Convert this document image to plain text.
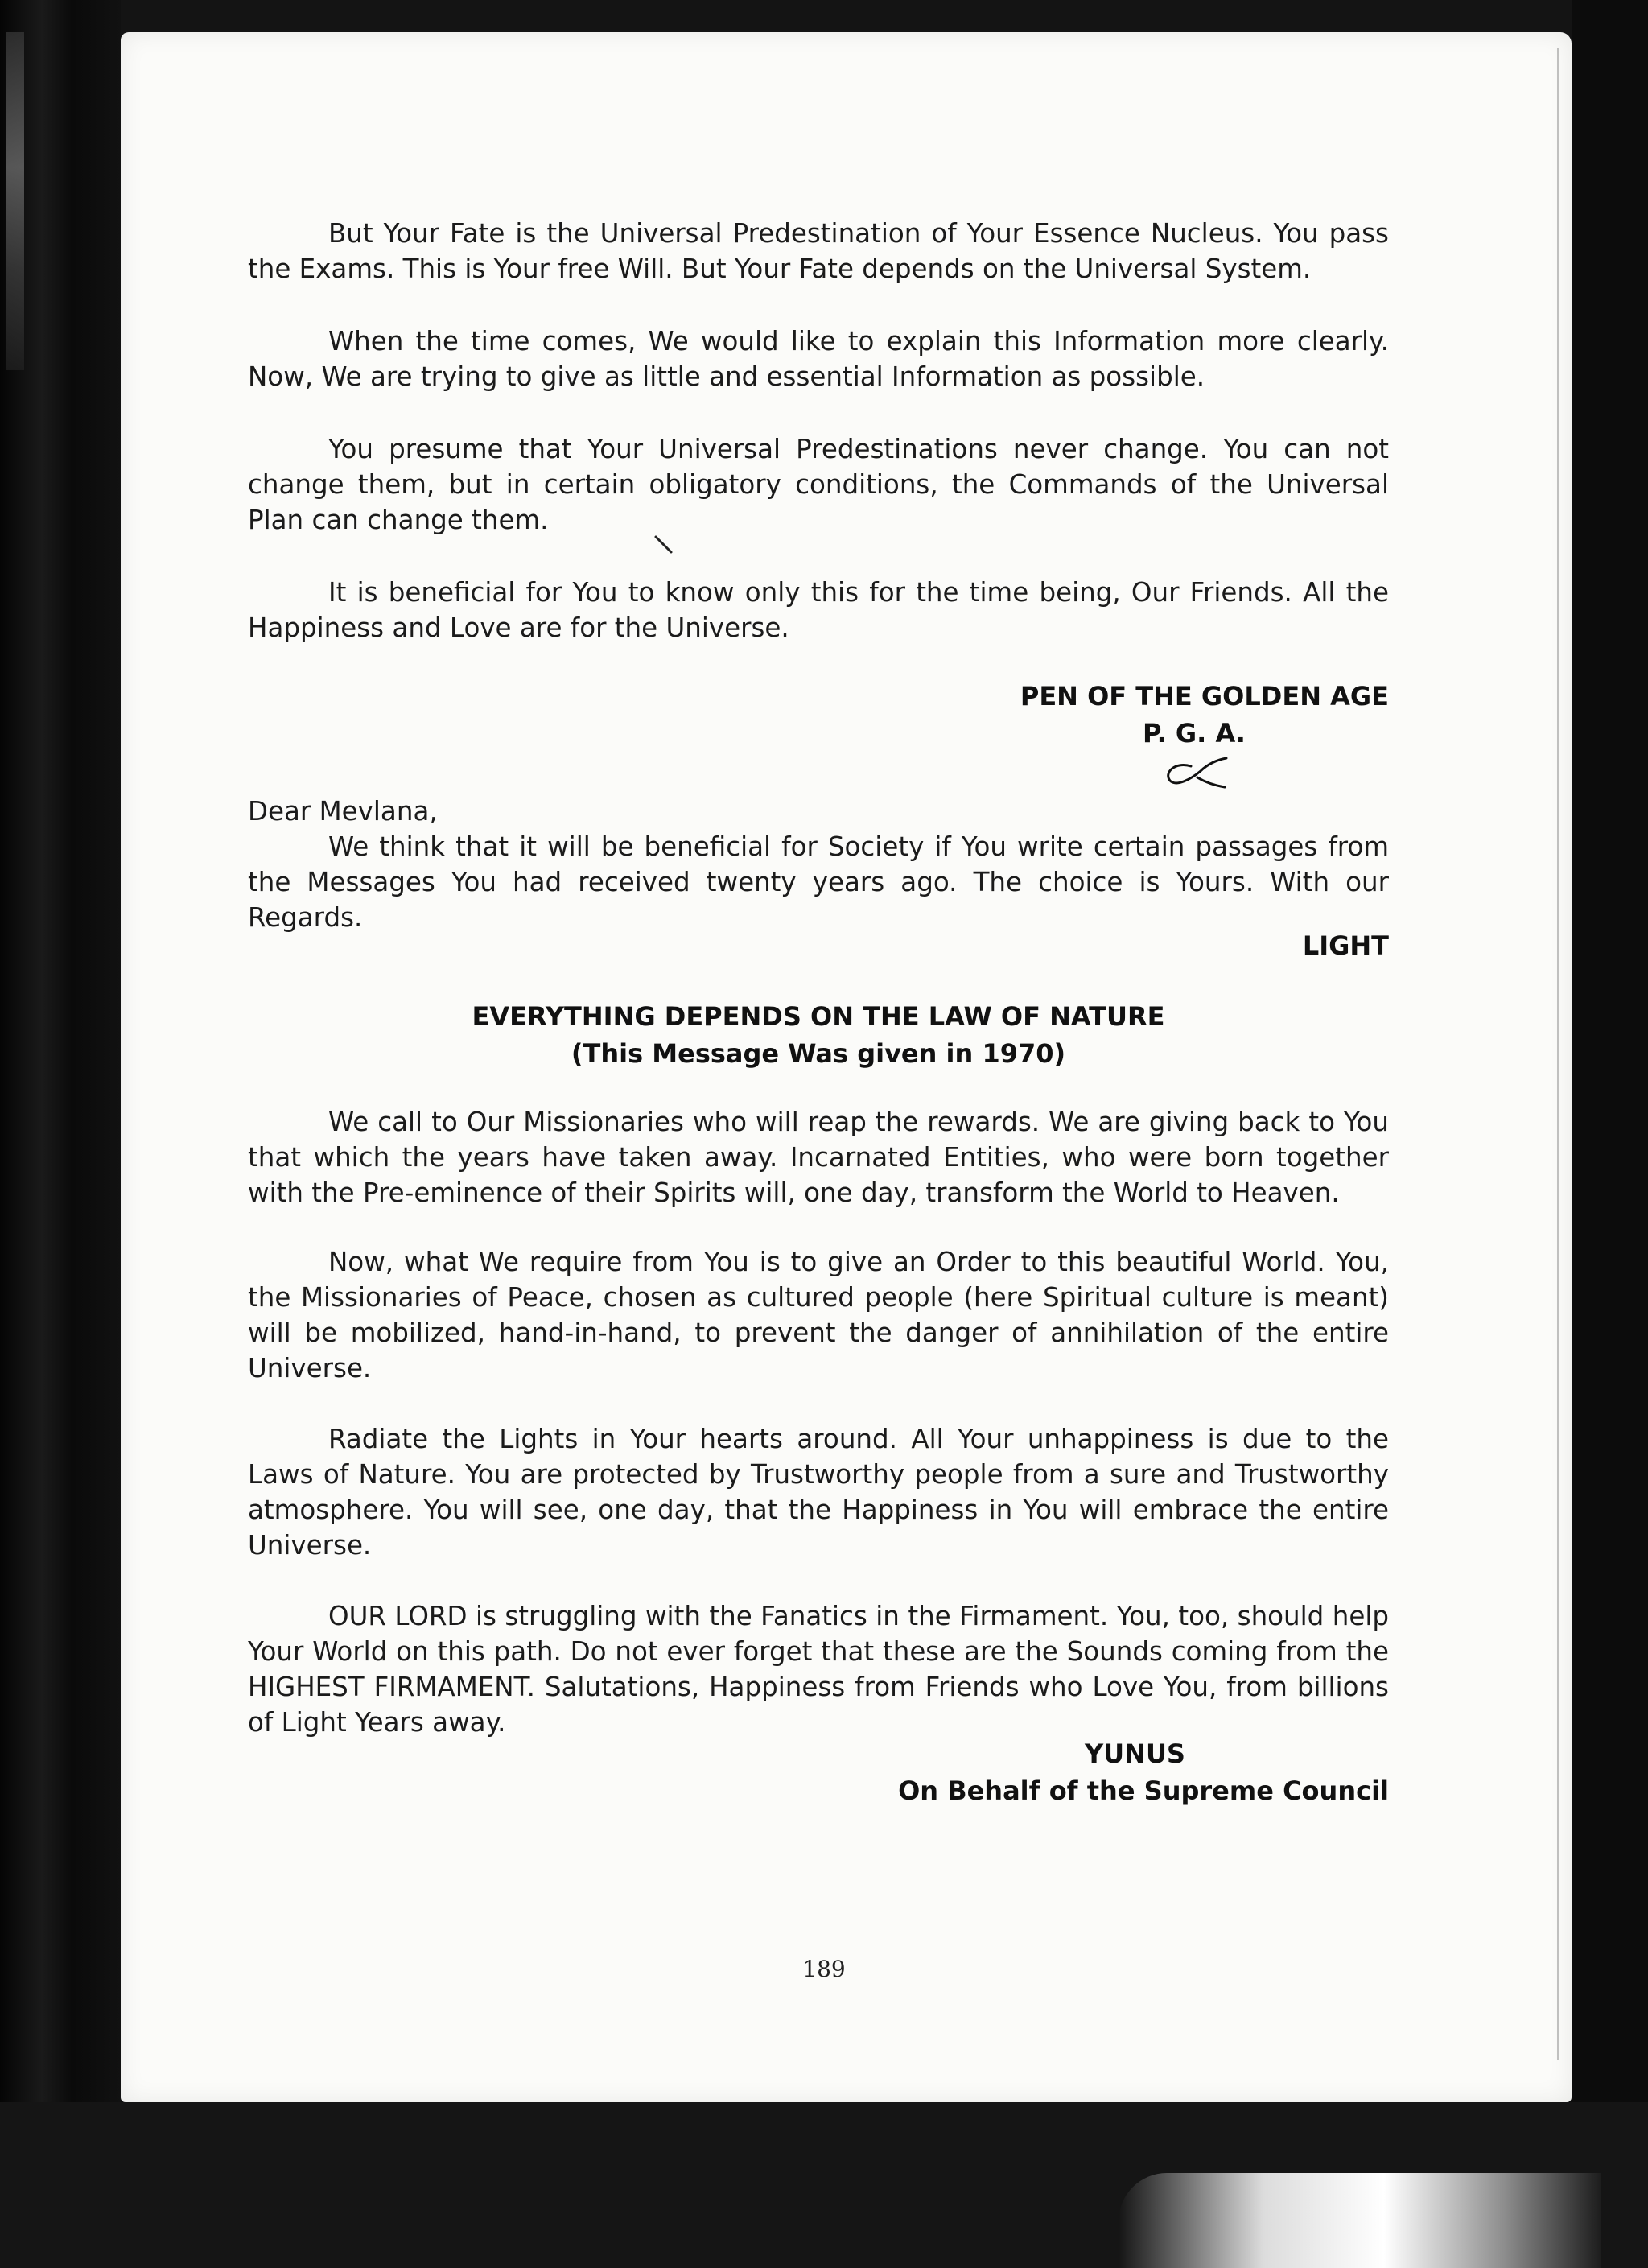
But Your Fate is the Universal Predestination of Your Essence Nucleus. You pass the Exams. This is Your free Will. But Your Fate depends on the Universal System.

When the time comes, We would like to explain this Information more clearly. Now, We are trying to give as little and essential Information as possible.

You presume that Your Universal Predestinations never change. You can not change them, but in certain obligatory conditions, the Commands of the Universal Plan can change them.

It is beneficial for You to know only this for the time being, Our Friends. All the Happiness and Love are for the Universe.

PEN OF THE GOLDEN AGE
P. G. A.

Dear Mevlana,

We think that it will be beneficial for Society if You write certain passages from the Messages You had received twenty years ago. The choice is Yours. With our Regards.

LIGHT
EVERYTHING DEPENDS ON THE LAW OF NATURE
(This Message Was given in 1970)

We call to Our Missionaries who will reap the rewards. We are giving back to You that which the years have taken away. Incarnated Entities, who were born together with the Pre-eminence of their Spirits will, one day, transform the World to Heaven.

Now, what We require from You is to give an Order to this beautiful World. You, the Missionaries of Peace, chosen as cultured people (here Spiritual culture is meant) will be mobilized, hand-in-hand, to prevent the danger of annihilation of the entire Universe.

Radiate the Lights in Your hearts around. All Your unhappiness is due to the Laws of Nature. You are protected by Trustworthy people from a sure and Trustworthy atmosphere. You will see, one day, that the Happiness in You will embrace the entire Universe.

OUR LORD is struggling with the Fanatics in the Firmament. You, too, should help Your World on this path. Do not ever forget that these are the Sounds coming from the HIGHEST FIRMAMENT. Salutations, Happiness from Friends who Love You, from billions of Light Years away.

YUNUS
On Behalf of the Supreme Council
189
